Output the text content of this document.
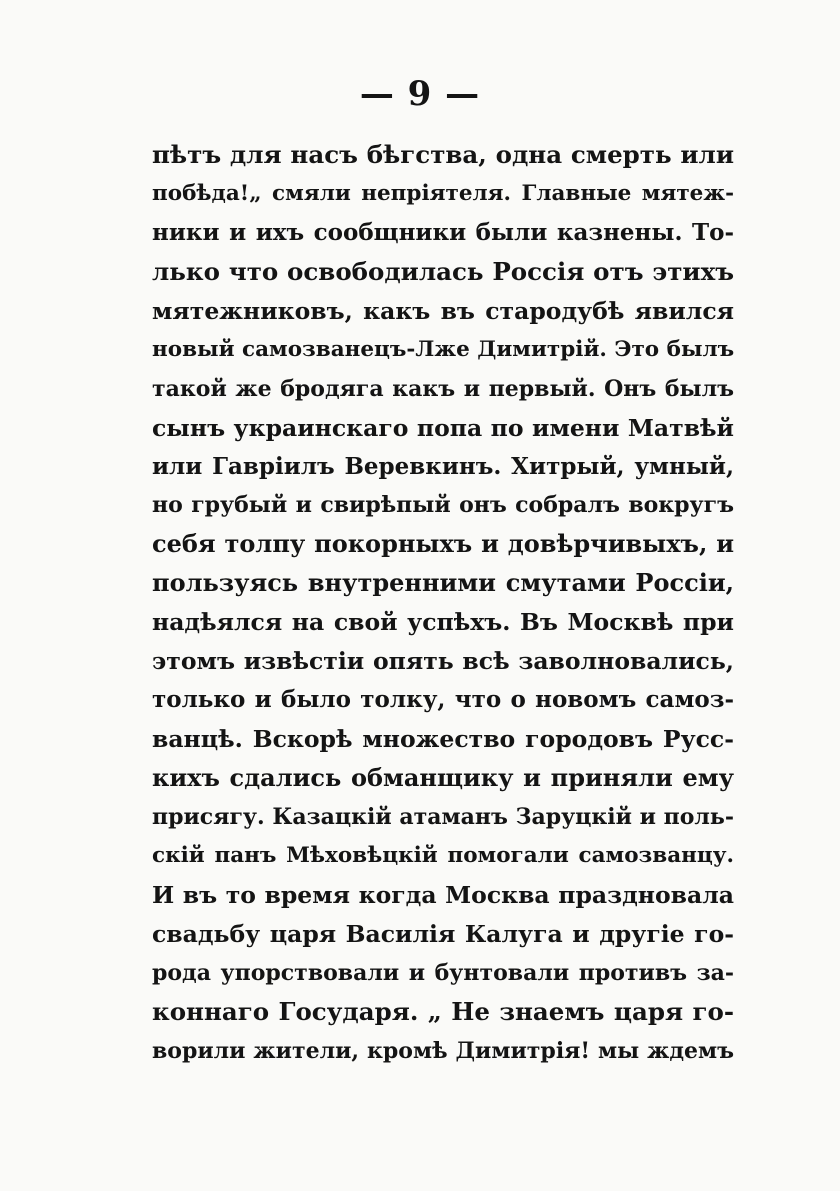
— 9 —
пѣтъ для насъ бѣгства, одна смерть или
побѣда!„ смяли непріятеля. Главные мятеж-
ники и ихъ сообщники были казнены. То-
лько что освободилась Россія отъ этихъ
мятежниковъ, какъ въ стародубѣ явился
новый самозванецъ-Лже Димитрій. Это былъ
такой же бродяга какъ и первый. Онъ былъ
сынъ украинскаго попа по имени Матвѣй
или Гавріилъ Веревкинъ. Хитрый, умный,
но грубый и свирѣпый онъ собралъ вокругъ
себя толпу покорныхъ и довѣрчивыхъ, и
пользуясь внутренними смутами Россіи,
надѣялся на свой успѣхъ. Въ Москвѣ при
этомъ извѣстіи опять всѣ заволновались,
только и было толку, что о новомъ самоз-
ванцѣ. Вскорѣ множество городовъ Русс-
кихъ сдались обманщику и приняли ему
присягу. Казацкій атаманъ Заруцкій и поль-
скій панъ Мѣховѣцкій помогали самозванцу.
И въ то время когда Москва праздновала
свадьбу царя Василія Калуга и другіе го-
рода упорствовали и бунтовали противъ за-
коннаго Государя. „ Не знаемъ царя го-
ворили жители, кромѣ Димитрія! мы ждемъ
